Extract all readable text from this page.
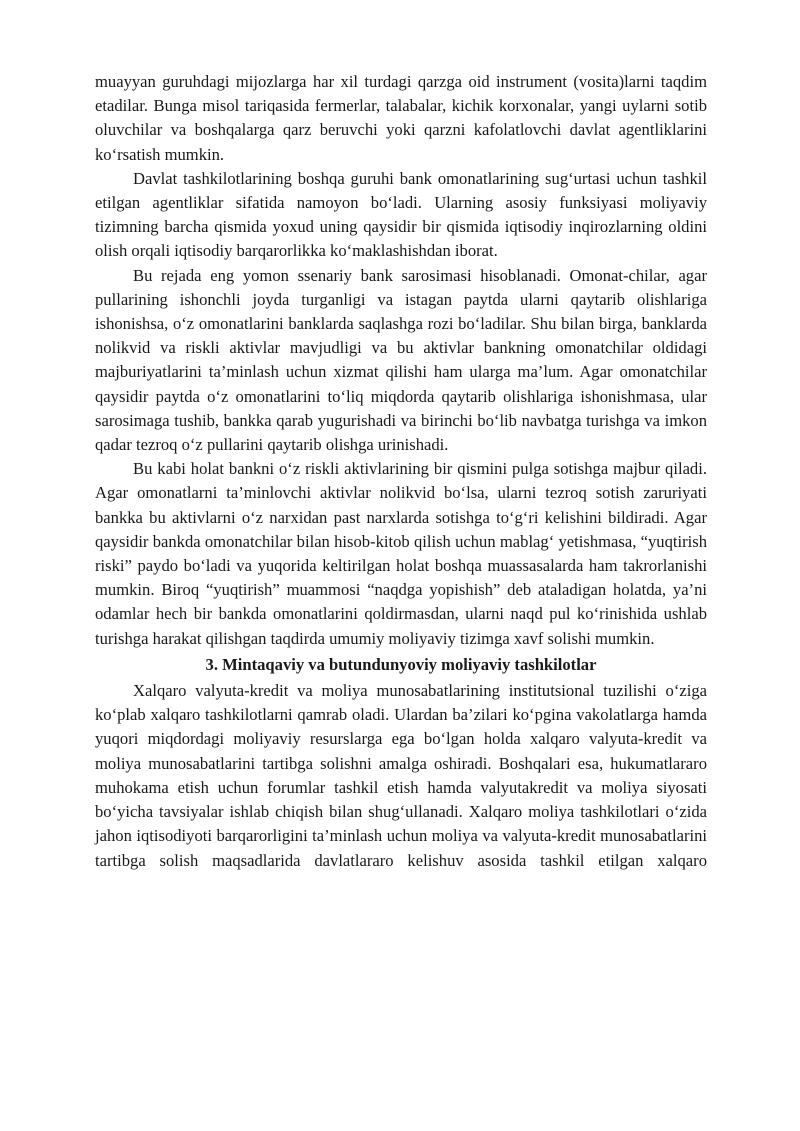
muayyan guruhdagi mijozlarga har xil turdagi qarzga oid instrument (vosita)larni taqdim etadilar. Bunga misol tariqasida fermerlar, talabalar, kichik korxonalar, yangi uylarni sotib oluvchilar va boshqalarga qarz beruvchi yoki qarzni kafolatlovchi davlat agentliklarini ko‘rsatish mumkin.

Davlat tashkilotlarining boshqa guruhi bank omonatlarining sug‘urtasi uchun tashkil etilgan agentliklar sifatida namoyon bo‘ladi. Ularning asosiy funksiyasi moliyaviy tizimning barcha qismida yoxud uning qaysidir bir qismida iqtisodiy inqirozlarning oldini olish orqali iqtisodiy barqarorlikka ko‘maklashishdan iborat.

Bu rejada eng yomon ssenariy bank sarosimasi hisoblanadi. Omonat-chilar, agar pullarining ishonchli joyda turganligi va istagan paytda ularni qaytarib olishlariga ishonishsa, o‘z omonatlarini banklarda saqlashga rozi bo‘ladilar. Shu bilan birga, banklarda nolikvid va riskli aktivlar mavjudligi va bu aktivlar bankning omonatchilar oldidagi majburiyatlarini ta’minlash uchun xizmat qilishi ham ularga ma’lum. Agar omonatchilar qaysidir paytda o‘z omonatlarini to‘liq miqdorda qaytarib olishlariga ishonishmasa, ular sarosimaga tushib, bankka qarab yugurishadi va birinchi bo‘lib navbatga turishga va imkon qadar tezroq o‘z pullarini qaytarib olishga urinishadi.

Bu kabi holat bankni o‘z riskli aktivlarining bir qismini pulga sotishga majbur qiladi. Agar omonatlarni ta’minlovchi aktivlar nolikvid bo‘lsa, ularni tezroq sotish zaruriyati bankka bu aktivlarni o‘z narxidan past narxlarda sotishga to‘g‘ri kelishini bildiradi. Agar qaysidir bankda omonatchilar bilan hisob-kitob qilish uchun mablag‘ yetishmasa, “yuqtirish riski” paydo bo‘ladi va yuqorida keltirilgan holat boshqa muassasalarda ham takrorlanishi mumkin. Biroq “yuqtirish” muammosi “naqdga yopishish” deb ataladigan holatda, ya’ni odamlar hech bir bankda omonatlarini qoldirmasdan, ularni naqd pul ko‘rinishida ushlab turishga harakat qilishgan taqdirda umumiy moliyaviy tizimga xavf solishi mumkin.

3. Mintaqaviy va butundunyoviy moliyaviy tashkilotlar

Xalqaro valyuta-kredit va moliya munosabatlarining institutsional tuzilishi o‘ziga ko‘plab xalqaro tashkilotlarni qamrab oladi. Ulardan ba’zilari ko‘pgina vakolatlarga hamda yuqori miqdordagi moliyaviy resurslarga ega bo‘lgan holda xalqaro valyuta-kredit va moliya munosabatlarini tartibga solishni amalga oshiradi. Boshqalari esa, hukumatlararo muhokama etish uchun forumlar tashkil etish hamda valyutakredit va moliya siyosati bo‘yicha tavsiyalar ishlab chiqish bilan shug‘ullanadi. Xalqaro moliya tashkilotlari o‘zida jahon iqtisodiyoti barqarorligini ta’minlash uchun moliya va valyuta-kredit munosabatlarini tartibga solish maqsadlarida davlatlararo kelishuv asosida tashkil etilgan xalqaro
